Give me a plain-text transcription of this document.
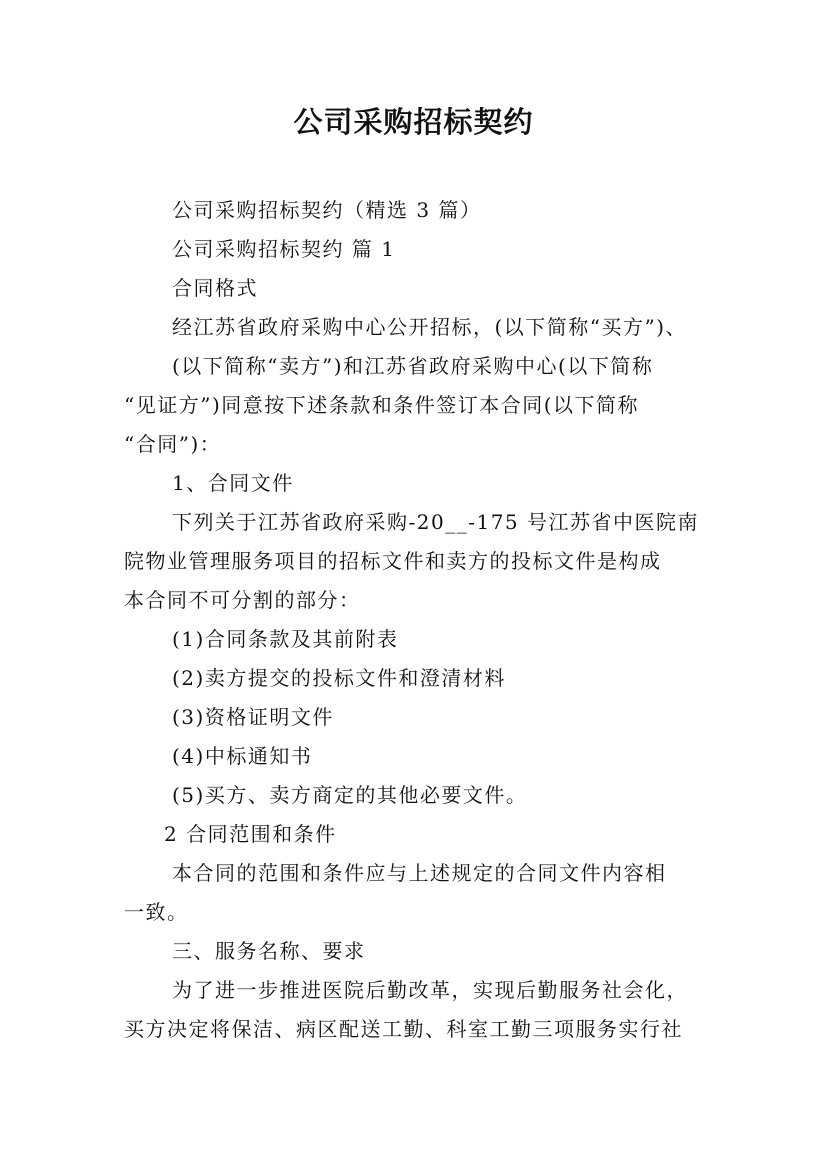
公司采购招标契约

公司采购招标契约（精选 3 篇）

公司采购招标契约 篇 1

合同格式

经江苏省政府采购中心公开招标，(以下简称“买方”)、

(以下简称“卖方”)和江苏省政府采购中心(以下简称

“见证方”)同意按下述条款和条件签订本合同(以下简称

“合同”)：

1、合同文件

下列关于江苏省政府采购-20__-175 号江苏省中医院南

院物业管理服务项目的招标文件和卖方的投标文件是构成

本合同不可分割的部分：

(1)合同条款及其前附表

(2)卖方提交的投标文件和澄清材料

(3)资格证明文件

(4)中标通知书

(5)买方、卖方商定的其他必要文件。

2 合同范围和条件

本合同的范围和条件应与上述规定的合同文件内容相

一致。

三、服务名称、要求

为了进一步推进医院后勤改革，实现后勤服务社会化，

买方决定将保洁、病区配送工勤、科室工勤三项服务实行社
